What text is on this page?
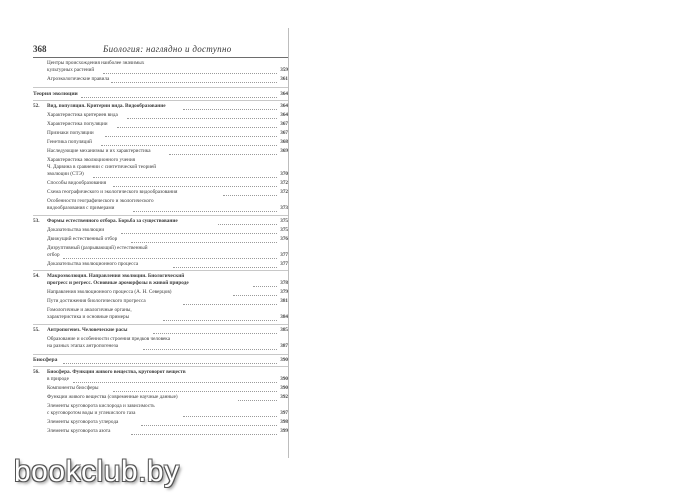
368	Биология: наглядно и доступно
Центры происхождения наиболее значимых
культурных растений	359
Агроэкологические правила	361
Теория эволюции	364
52. Вид, популяция. Критерии вида. Видообразование	364
Характеристика критериев вида	364
Характеристика популяции	367
Признаки популяции	367
Генетика популяций	368
Наследующие механизмы и их характеристика	369
Характеристика эволюционного учения
Ч. Дарвина в сравнении с синтетической теорией
эволюции (СТЭ)	370
Способы видообразования	372
Схема географического и экологического видообразования	372
Особенности географического и экологического
видообразования с примерами	373
53. Формы естественного отбора. Борьба за существование	375
Доказательства эволюции	375
Движущий естественный отбор	376
Дизруптивный (разрывающий) естественный
отбор	377
Доказательства эволюционного процесса	377
54. Макроэволюция. Направления эволюции. Биологический
прогресс и регресс. Основные ароморфозы в живой природе	378
Направления эволюционного процесса (А. Н. Северцов)	379
Пути достижения биологического прогресса	381
Гомологичные и аналогичные органы,
характеристика и основные примеры	384
55. Антропогенез. Человеческие расы	385
Образование и особенности строения предков человека
на разных этапах антропогенеза	387
Биосфера	390
56. Биосфера. Функции живого вещества, круговорот веществ
в природе	390
Компоненты биосферы	390
Функции живого вещества (современные научные данные)	392
Элементы круговорота кислорода и зависимость
с круговоротом воды и углекислого газа	397
Элементы круговорота углерода	398
Элементы круговорота азота	399
bookclub.by
